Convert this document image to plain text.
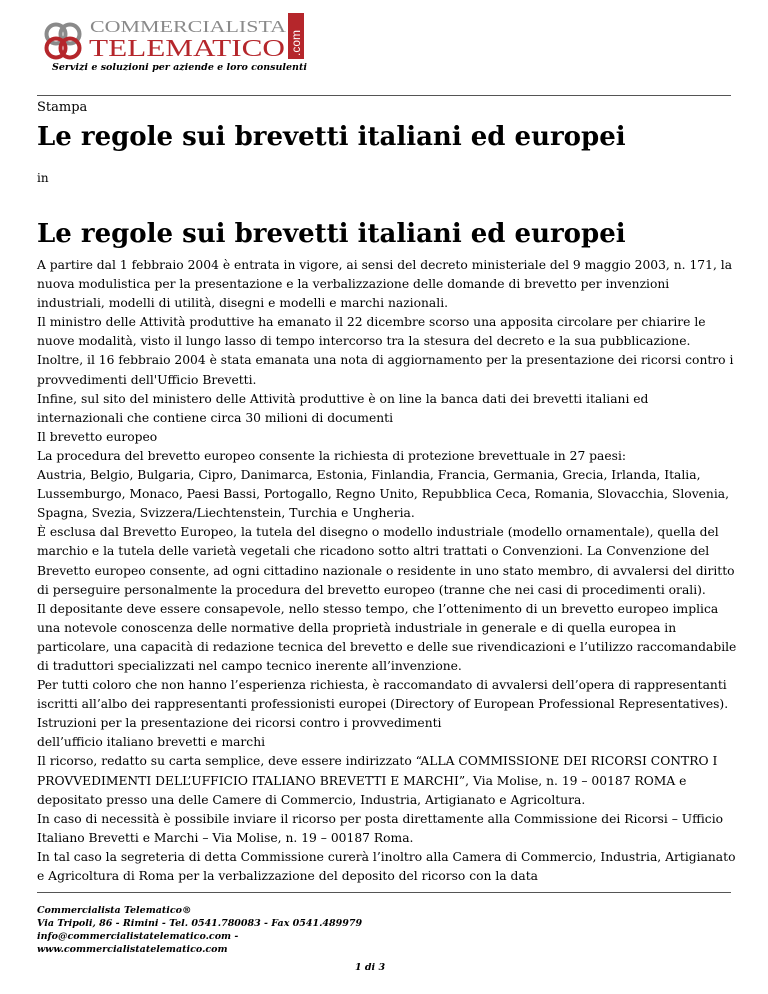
COMMERCIALISTA
TELEMATICO .com
Servizi e soluzioni per aziende e loro consulenti
Stampa
Le regole sui brevetti italiani ed europei
in
Le regole sui brevetti italiani ed europei

A partire dal 1 febbraio 2004 è entrata in vigore, ai sensi del decreto ministeriale del 9 maggio 2003, n. 171, la nuova modulistica per la presentazione e la verbalizzazione delle domande di brevetto per invenzioni industriali, modelli di utilità, disegni e modelli e marchi nazionali.

Il ministro delle Attività produttive ha emanato il 22 dicembre scorso una apposita circolare per chiarire le nuove modalità, visto il lungo lasso di tempo intercorso tra la stesura del decreto e la sua pubblicazione.

Inoltre, il 16 febbraio 2004 è stata emanata una nota di aggiornamento per la presentazione dei ricorsi contro i provvedimenti dell'Ufficio Brevetti.

Infine, sul sito del ministero delle Attività produttive è on line la banca dati dei brevetti italiani ed internazionali che contiene circa 30 milioni di documenti

Il brevetto europeo

La procedura del brevetto europeo consente la richiesta di protezione brevettuale in 27 paesi:

Austria, Belgio, Bulgaria, Cipro, Danimarca, Estonia, Finlandia, Francia, Germania, Grecia, Irlanda, Italia, Lussemburgo, Monaco, Paesi Bassi, Portogallo, Regno Unito, Repubblica Ceca, Romania, Slovacchia, Slovenia, Spagna, Svezia, Svizzera/Liechtenstein, Turchia e Ungheria.

È esclusa dal Brevetto Europeo, la tutela del disegno o modello industriale (modello ornamentale), quella del marchio e la tutela delle varietà vegetali che ricadono sotto altri trattati o Convenzioni. La Convenzione del Brevetto europeo consente, ad ogni cittadino nazionale o residente in uno stato membro, di avvalersi del diritto di perseguire personalmente la procedura del brevetto europeo (tranne che nei casi di procedimenti orali).

Il depositante deve essere consapevole, nello stesso tempo, che l’ottenimento di un brevetto europeo implica una notevole conoscenza delle normative della proprietà industriale in generale e di quella europea in particolare, una capacità di redazione tecnica del brevetto e delle sue rivendicazioni e l’utilizzo raccomandabile di traduttori specializzati nel campo tecnico inerente all’invenzione.

Per tutti coloro che non hanno l’esperienza richiesta, è raccomandato di avvalersi dell’opera di rappresentanti iscritti all’albo dei rappresentanti professionisti europei (Directory of European Professional Representatives).

Istruzioni per la presentazione dei ricorsi contro i provvedimenti

dell’ufficio italiano brevetti e marchi

Il ricorso, redatto su carta semplice, deve essere indirizzato “ALLA COMMISSIONE DEI RICORSI CONTRO I PROVVEDIMENTI DELL’UFFICIO ITALIANO BREVETTI E MARCHI”, Via Molise, n. 19 – 00187 ROMA e depositato presso una delle Camere di Commercio, Industria, Artigianato e Agricoltura.

In caso di necessità è possibile inviare il ricorso per posta direttamente alla Commissione dei Ricorsi – Ufficio Italiano Brevetti e Marchi – Via Molise, n. 19 – 00187 Roma.

In tal caso la segreteria di detta Commissione curerà l’inoltro alla Camera di Commercio, Industria, Artigianato e Agricoltura di Roma per la verbalizzazione del deposito del ricorso con la data

Commercialista Telematico®
Via Tripoli, 86 - Rimini - Tel. 0541.780083 - Fax 0541.489979
info@commercialistatelematico.com -
www.commercialistatelematico.com
1 di 3
